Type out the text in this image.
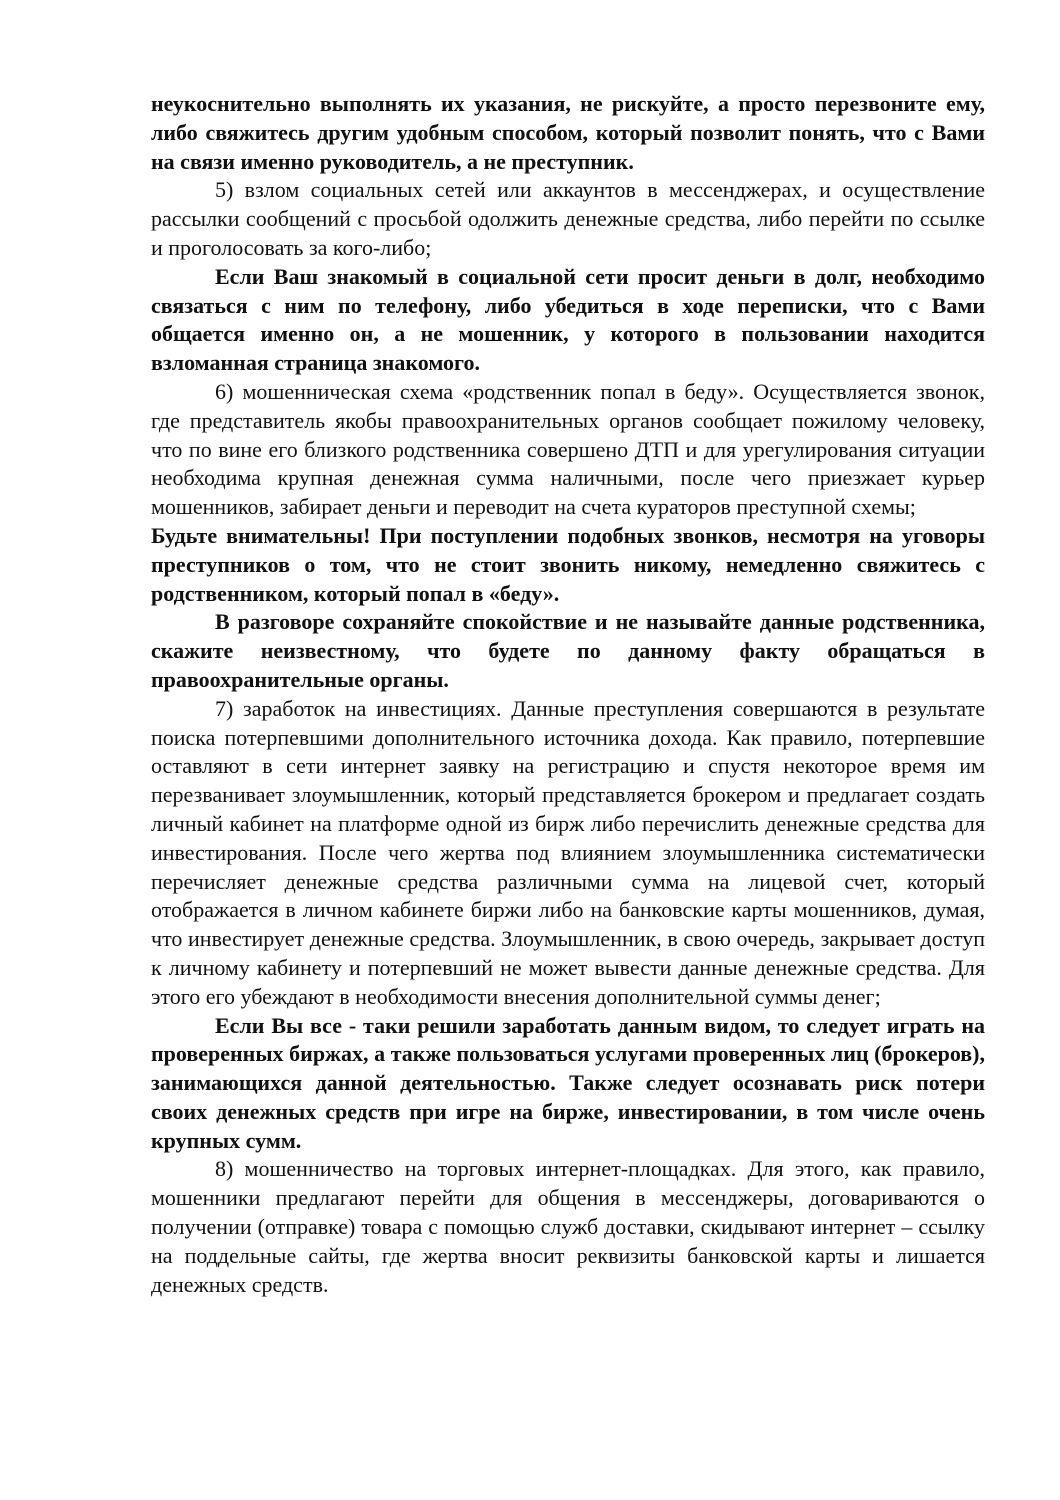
неукоснительно выполнять их указания, не рискуйте, а просто перезвоните ему, либо свяжитесь другим удобным способом, который позволит понять, что с Вами на связи именно руководитель, а не преступник.

5) взлом социальных сетей или аккаунтов в мессенджерах, и осуществление рассылки сообщений с просьбой одолжить денежные средства, либо перейти по ссылке и проголосовать за кого-либо;

Если Ваш знакомый в социальной сети просит деньги в долг, необходимо связаться с ним по телефону, либо убедиться в ходе переписки, что с Вами общается именно он, а не мошенник, у которого в пользовании находится взломанная страница знакомого.

6) мошенническая схема «родственник попал в беду». Осуществляется звонок, где представитель якобы правоохранительных органов сообщает пожилому человеку, что по вине его близкого родственника совершено ДТП и для урегулирования ситуации необходима крупная денежная сумма наличными, после чего приезжает курьер мошенников, забирает деньги и переводит на счета кураторов преступной схемы;

Будьте внимательны! При поступлении подобных звонков, несмотря на уговоры преступников о том, что не стоит звонить никому, немедленно свяжитесь с родственником, который попал в «беду».

В разговоре сохраняйте спокойствие и не называйте данные родственника, скажите неизвестному, что будете по данному факту обращаться в правоохранительные органы.

7) заработок на инвестициях. Данные преступления совершаются в результате поиска потерпевшими дополнительного источника дохода. Как правило, потерпевшие оставляют в сети интернет заявку на регистрацию и спустя некоторое время им перезванивает злоумышленник, который представляется брокером и предлагает создать личный кабинет на платформе одной из бирж либо перечислить денежные средства для инвестирования. После чего жертва под влиянием злоумышленника систематически перечисляет денежные средства различными сумма на лицевой счет, который отображается в личном кабинете биржи либо на банковские карты мошенников, думая, что инвестирует денежные средства. Злоумышленник, в свою очередь, закрывает доступ к личному кабинету и потерпевший не может вывести данные денежные средства. Для этого его убеждают в необходимости внесения дополнительной суммы денег;

Если Вы все - таки решили заработать данным видом, то следует играть на проверенных биржах, а также пользоваться услугами проверенных лиц (брокеров), занимающихся данной деятельностью. Также следует осознавать риск потери своих денежных средств при игре на бирже, инвестировании, в том числе очень крупных сумм.

8) мошенничество на торговых интернет-площадках. Для этого, как правило, мошенники предлагают перейти для общения в мессенджеры, договариваются о получении (отправке) товара с помощью служб доставки, скидывают интернет – ссылку на поддельные сайты, где жертва вносит реквизиты банковской карты и лишается денежных средств.
